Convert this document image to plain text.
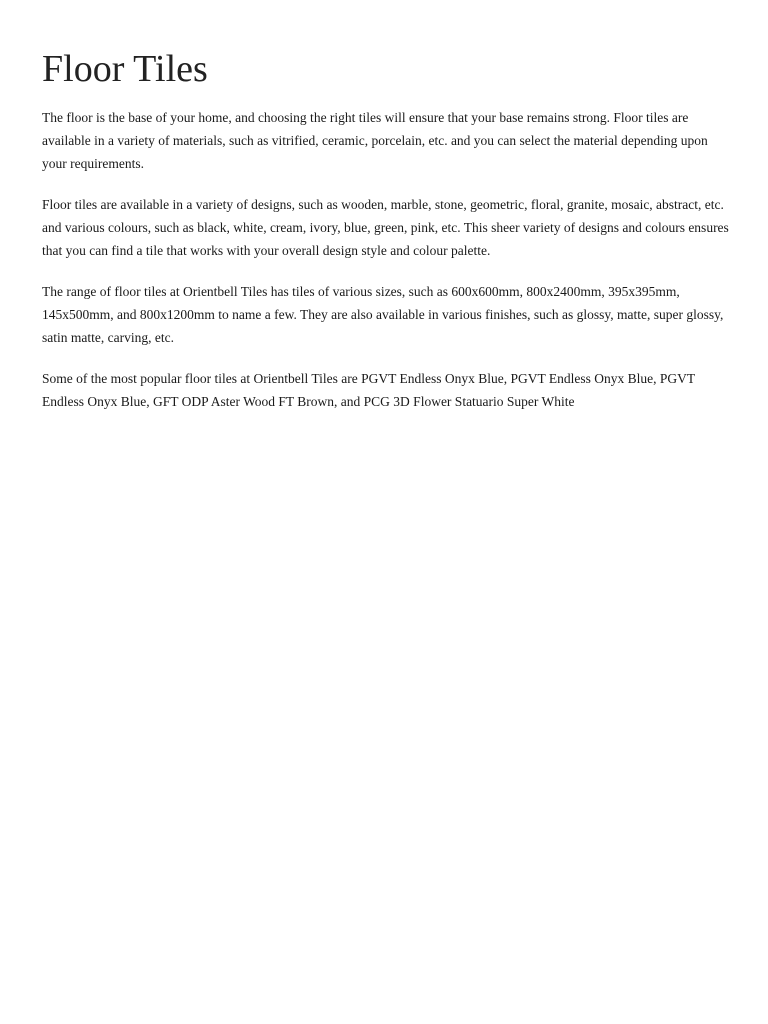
Floor Tiles

The floor is the base of your home, and choosing the right tiles will ensure that your base remains strong. Floor tiles are available in a variety of materials, such as vitrified, ceramic, porcelain, etc. and you can select the material depending upon your requirements.

Floor tiles are available in a variety of designs, such as wooden, marble, stone, geometric, floral, granite, mosaic, abstract, etc. and various colours, such as black, white, cream, ivory, blue, green, pink, etc. This sheer variety of designs and colours ensures that you can find a tile that works with your overall design style and colour palette.

The range of floor tiles at Orientbell Tiles has tiles of various sizes, such as 600x600mm, 800x2400mm, 395x395mm, 145x500mm, and 800x1200mm to name a few. They are also available in various finishes, such as glossy, matte, super glossy, satin matte, carving, etc.

Some of the most popular floor tiles at Orientbell Tiles are PGVT Endless Onyx Blue, PGVT Endless Onyx Blue, PGVT Endless Onyx Blue, GFT ODP Aster Wood FT Brown, and PCG 3D Flower Statuario Super White
